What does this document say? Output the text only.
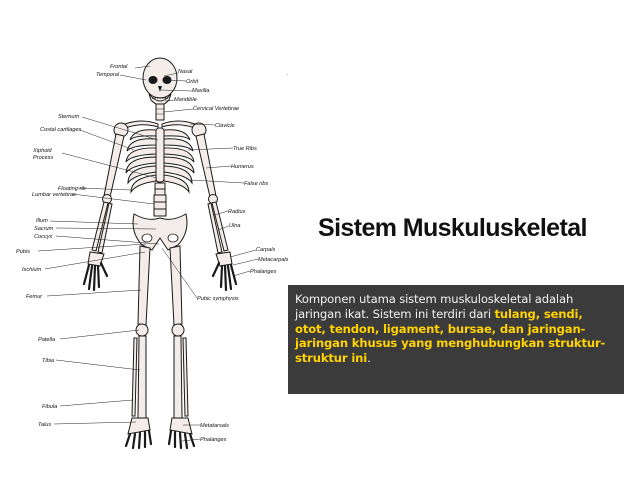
Frontal
Temporal	Nasal
Orbit
Maxilla
Mandible
Cervical Vertebrae
Sternum
Clavicle
Costal cartilages
Xiphoid
Process
True Ribs
Humerus
False ribs
Floating rib
Lumbar vertebrae
Radius
Illum
Sacrum
Coccyx
Ulna
Carpals
Metacarpals
Pubis
Phalanges
Ischium
Femur	Pubic symphysis
Patella
Tibia
Fibula
Talus	Metatarsals
Phalanges
Sistem Muskuluskeletal

Komponen utama sistem muskuloskeletal adalah jaringan ikat. Sistem ini terdiri dari tulang, sendi, otot, tendon, ligament, bursae, dan jaringan-jaringan khusus yang menghubungkan struktur-struktur ini.
